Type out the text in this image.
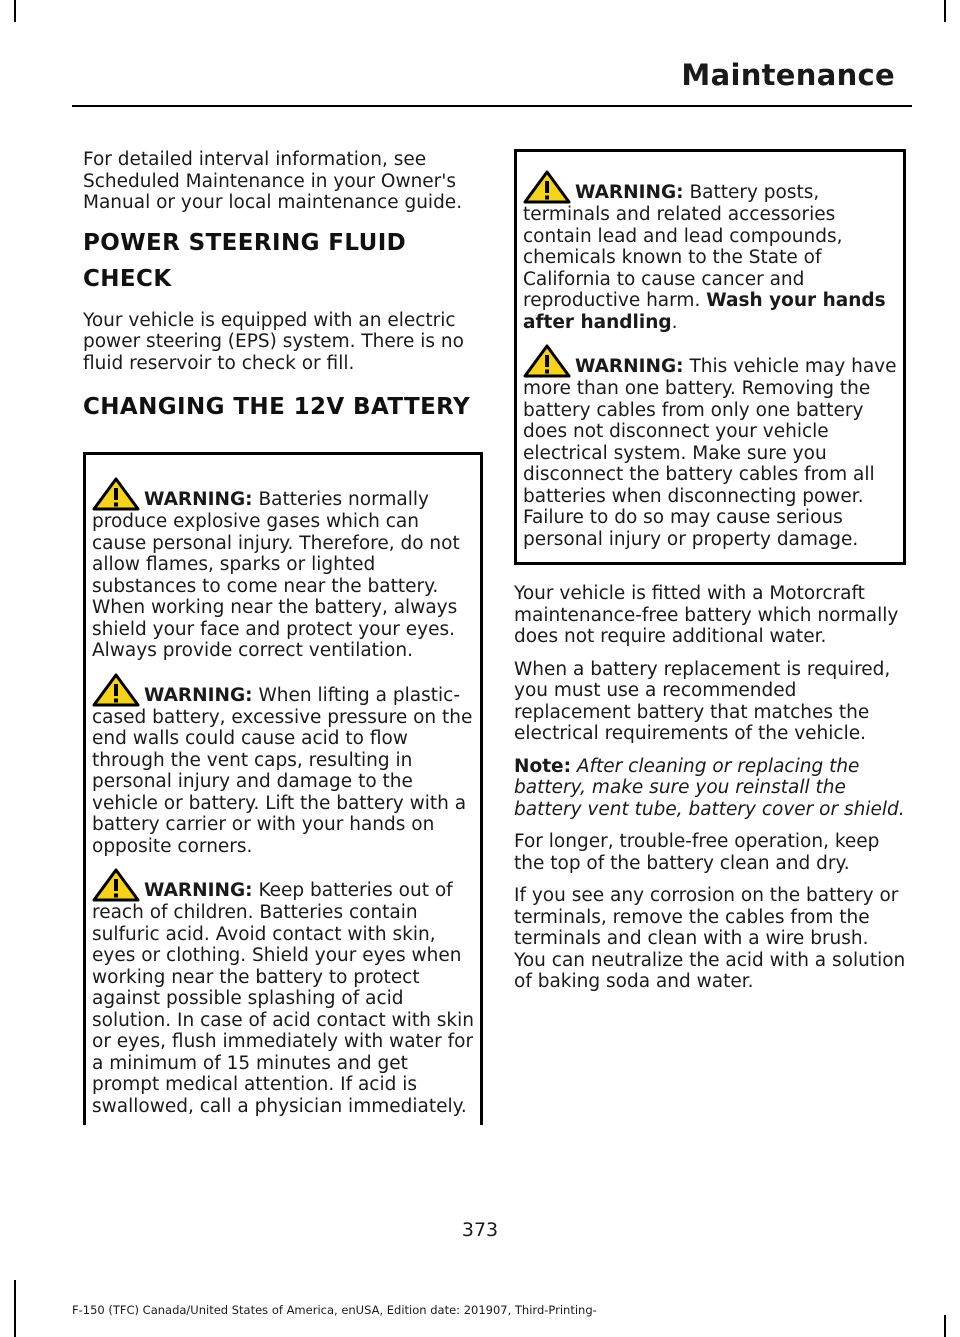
Maintenance

For detailed interval information, see Scheduled Maintenance in your Owner's Manual or your local maintenance guide.

POWER STEERING FLUID
CHECK

Your vehicle is equipped with an electric power steering (EPS) system. There is no fluid reservoir to check or fill.

CHANGING THE 12V BATTERY

WARNING: Batteries normally produce explosive gases which can cause personal injury. Therefore, do not allow flames, sparks or lighted substances to come near the battery. When working near the battery, always shield your face and protect your eyes. Always provide correct ventilation.

WARNING: When lifting a plastic-cased battery, excessive pressure on the end walls could cause acid to flow through the vent caps, resulting in personal injury and damage to the vehicle or battery. Lift the battery with a battery carrier or with your hands on opposite corners.

WARNING: Keep batteries out of reach of children. Batteries contain sulfuric acid. Avoid contact with skin, eyes or clothing. Shield your eyes when working near the battery to protect against possible splashing of acid solution. In case of acid contact with skin or eyes, flush immediately with water for a minimum of 15 minutes and get prompt medical attention. If acid is swallowed, call a physician immediately.

WARNING: Battery posts, terminals and related accessories contain lead and lead compounds, chemicals known to the State of California to cause cancer and reproductive harm. Wash your hands after handling.

WARNING: This vehicle may have more than one battery. Removing the battery cables from only one battery does not disconnect your vehicle electrical system. Make sure you disconnect the battery cables from all batteries when disconnecting power. Failure to do so may cause serious personal injury or property damage.

Your vehicle is fitted with a Motorcraft maintenance-free battery which normally does not require additional water.

When a battery replacement is required, you must use a recommended replacement battery that matches the electrical requirements of the vehicle.

Note: After cleaning or replacing the battery, make sure you reinstall the battery vent tube, battery cover or shield.

For longer, trouble-free operation, keep the top of the battery clean and dry.

If you see any corrosion on the battery or terminals, remove the cables from the terminals and clean with a wire brush. You can neutralize the acid with a solution of baking soda and water.

373
F-150 (TFC) Canada/United States of America, enUSA, Edition date: 201907, Third-Printing-
